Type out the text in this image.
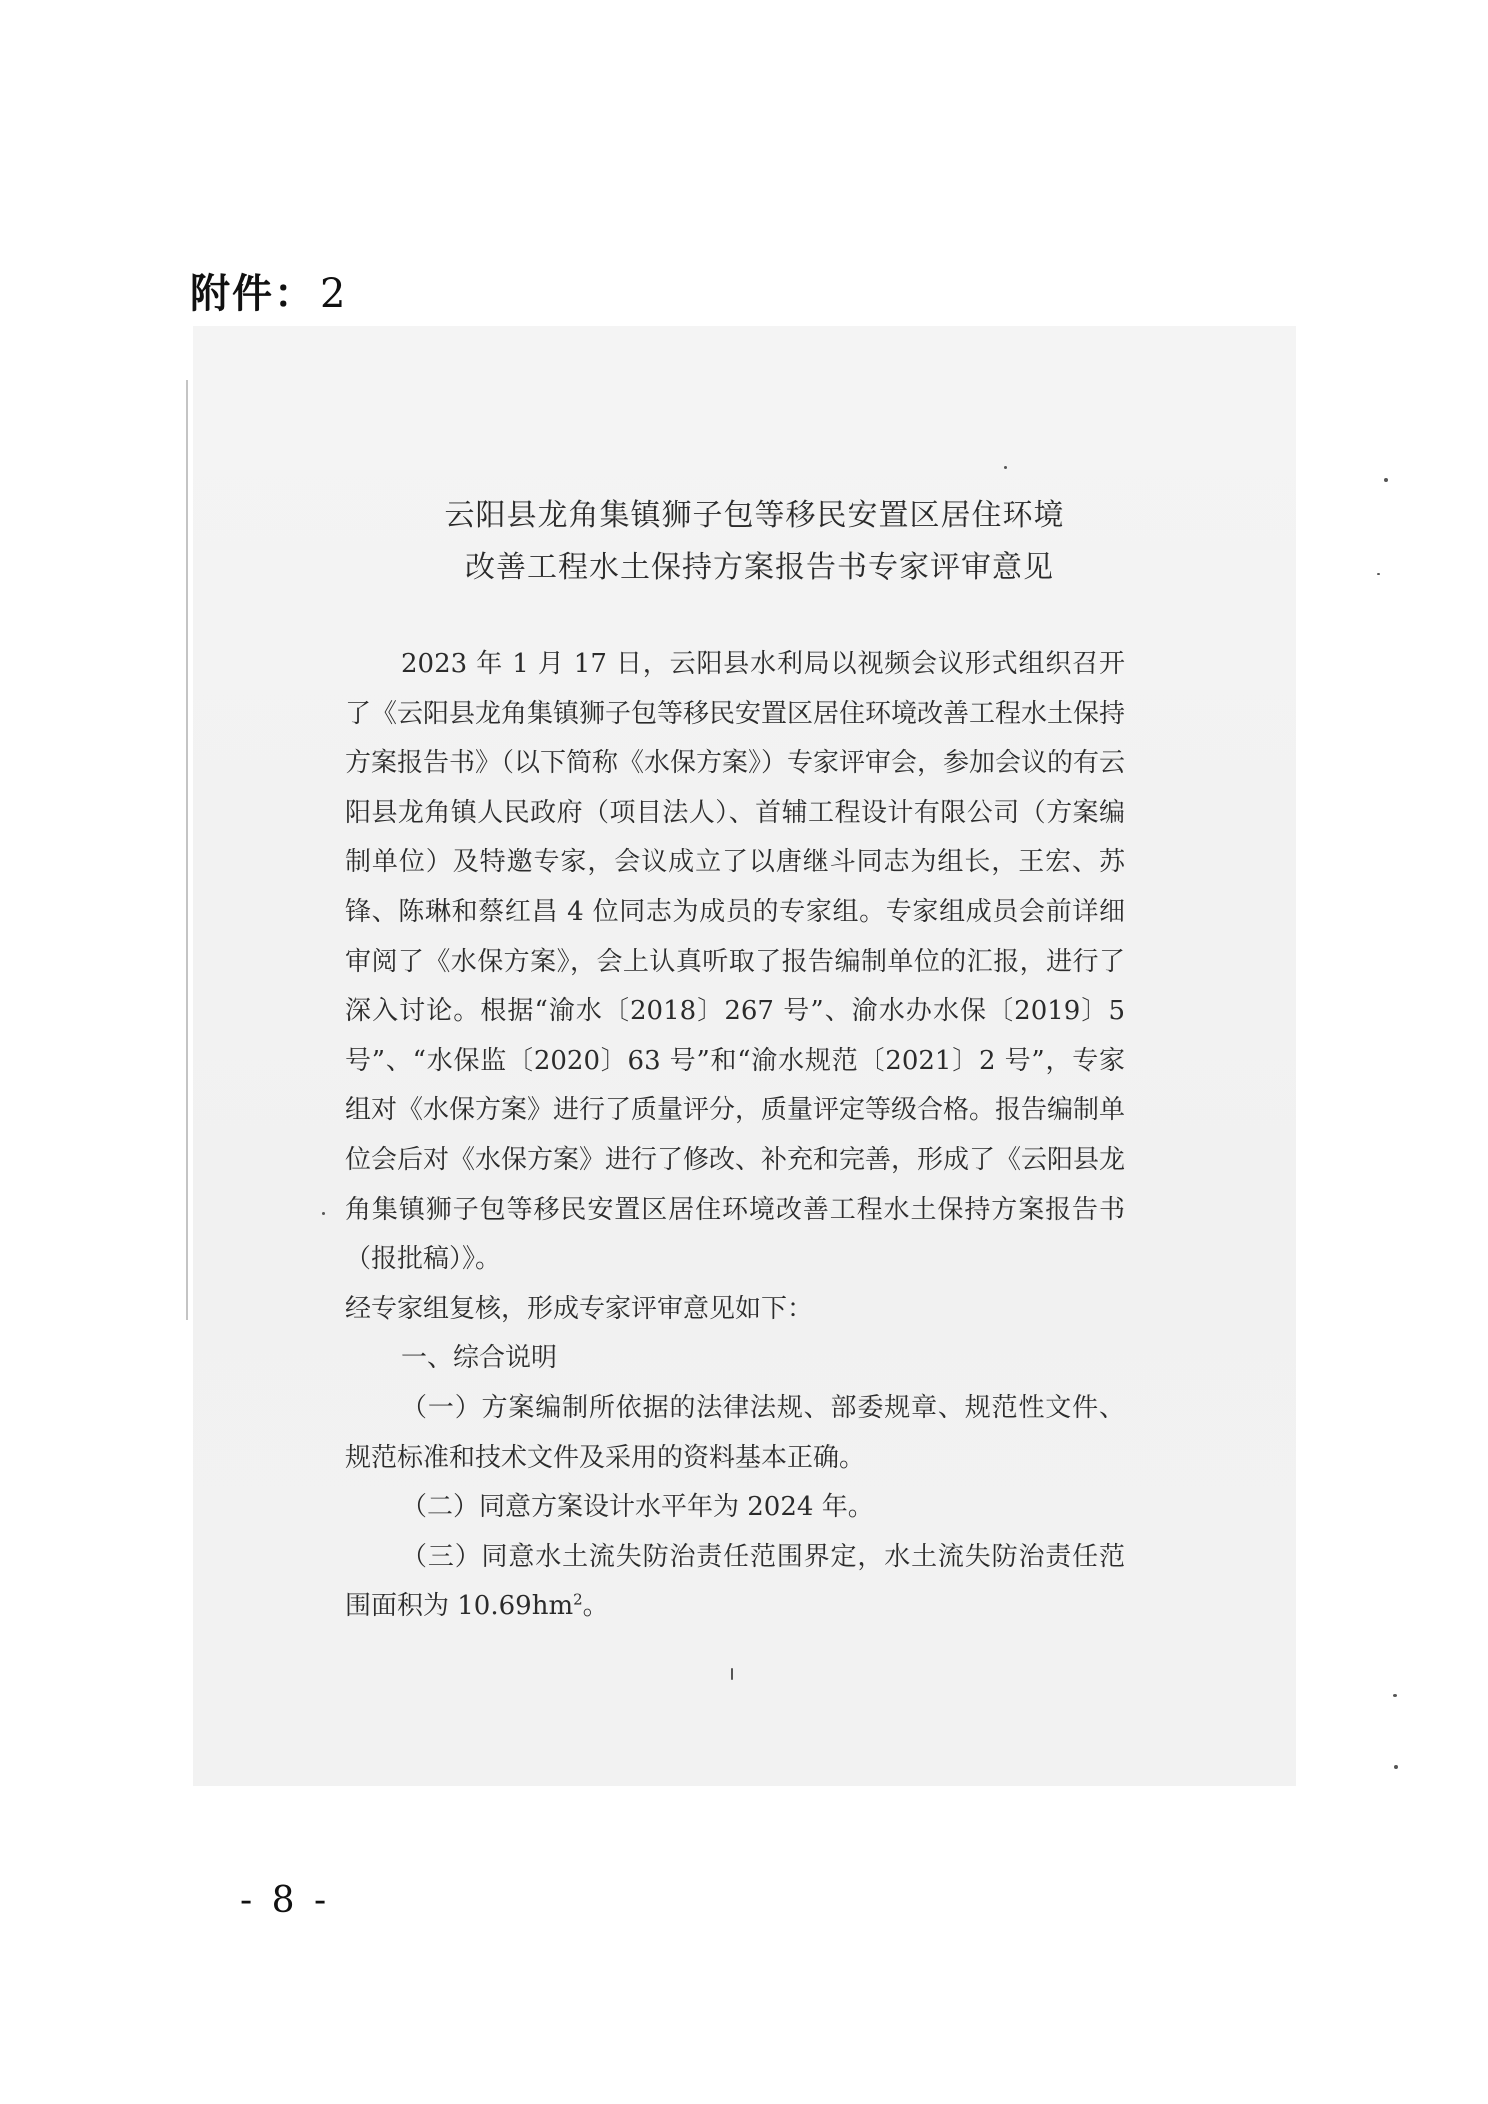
附件： 2
云阳县龙角集镇狮子包等移民安置区居住环境
改善工程水土保持方案报告书专家评审意见

2023 年 1 月 17 日，云阳县水利局以视频会议形式组织召开了《云阳县龙角集镇狮子包等移民安置区居住环境改善工程水土保持方案报告书》（以下简称《水保方案》）专家评审会，参加会议的有云阳县龙角镇人民政府（项目法人）、首辅工程设计有限公司（方案编制单位）及特邀专家，会议成立了以唐继斗同志为组长，王宏、苏锋、陈琳和蔡红昌 4 位同志为成员的专家组。专家组成员会前详细审阅了《水保方案》，会上认真听取了报告编制单位的汇报，进行了深入讨论。根据“渝水〔2018〕267 号”、渝水办水保〔2019〕5 号”、“水保监〔2020〕63 号”和“渝水规范〔2021〕2 号”，专家组对《水保方案》进行了质量评分，质量评定等级合格。报告编制单位会后对《水保方案》进行了修改、补充和完善，形成了《云阳县龙角集镇狮子包等移民安置区居住环境改善工程水土保持方案报告书（报批稿）》。

经专家组复核，形成专家评审意见如下：

一、综合说明

（一）方案编制所依据的法律法规、部委规章、规范性文件、规范标准和技术文件及采用的资料基本正确。

（二）同意方案设计水平年为 2024 年。

（三）同意水土流失防治责任范围界定，水土流失防治责任范围面积为 $10.69hm^2$。

- 8 -
